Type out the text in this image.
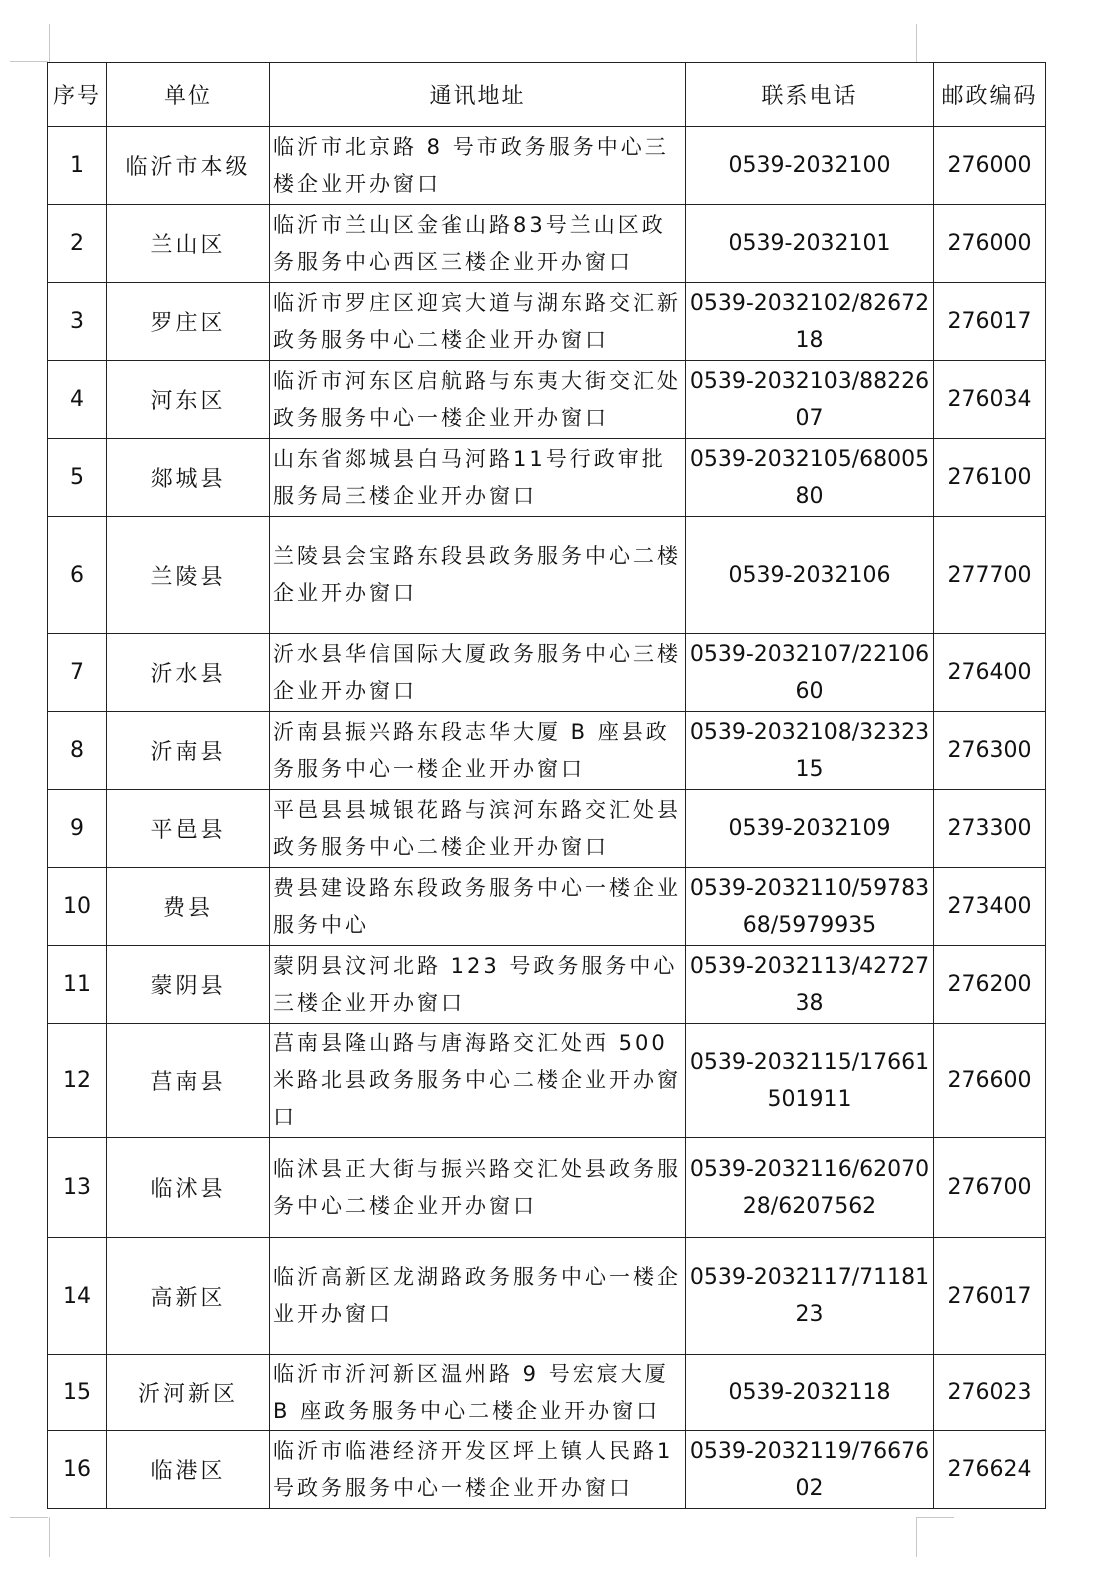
序号	单位	通讯地址	联系电话	邮政编码
1	临沂市本级	临沂市北京路 8 号市政务服务中心三楼企业开办窗口	0539-2032100	276000
2	兰山区	临沂市兰山区金雀山路83号兰山区政务服务中心西区三楼企业开办窗口	0539-2032101	276000
3	罗庄区	临沂市罗庄区迎宾大道与湖东路交汇新政务服务中心二楼企业开办窗口	0539-2032102/8267218	276017
4	河东区	临沂市河东区启航路与东夷大街交汇处政务服务中心一楼企业开办窗口	0539-2032103/8822607	276034
5	郯城县	山东省郯城县白马河路11号行政审批服务局三楼企业开办窗口	0539-2032105/6800580	276100
6	兰陵县	兰陵县会宝路东段县政务服务中心二楼企业开办窗口	0539-2032106	277700
7	沂水县	沂水县华信国际大厦政务服务中心三楼企业开办窗口	0539-2032107/2210660	276400
8	沂南县	沂南县振兴路东段志华大厦 B 座县政务服务中心一楼企业开办窗口	0539-2032108/3232315	276300
9	平邑县	平邑县县城银花路与滨河东路交汇处县政务服务中心二楼企业开办窗口	0539-2032109	273300
10	费县	费县建设路东段政务服务中心一楼企业服务中心	0539-2032110/5978368/5979935	273400
11	蒙阴县	蒙阴县汶河北路 123 号政务服务中心三楼企业开办窗口	0539-2032113/4272738	276200
12	莒南县	莒南县隆山路与唐海路交汇处西 500米路北县政务服务中心二楼企业开办窗口	0539-2032115/17661501911	276600
13	临沭县	临沭县正大街与振兴路交汇处县政务服务中心二楼企业开办窗口	0539-2032116/6207028/6207562	276700
14	高新区	临沂高新区龙湖路政务服务中心一楼企业开办窗口	0539-2032117/7118123	276017
15	沂河新区	临沂市沂河新区温州路 9 号宏宸大厦B 座政务服务中心二楼企业开办窗口	0539-2032118	276023
16	临港区	临沂市临港经济开发区坪上镇人民路1 号政务服务中心一楼企业开办窗口	0539-2032119/7667602	276624
